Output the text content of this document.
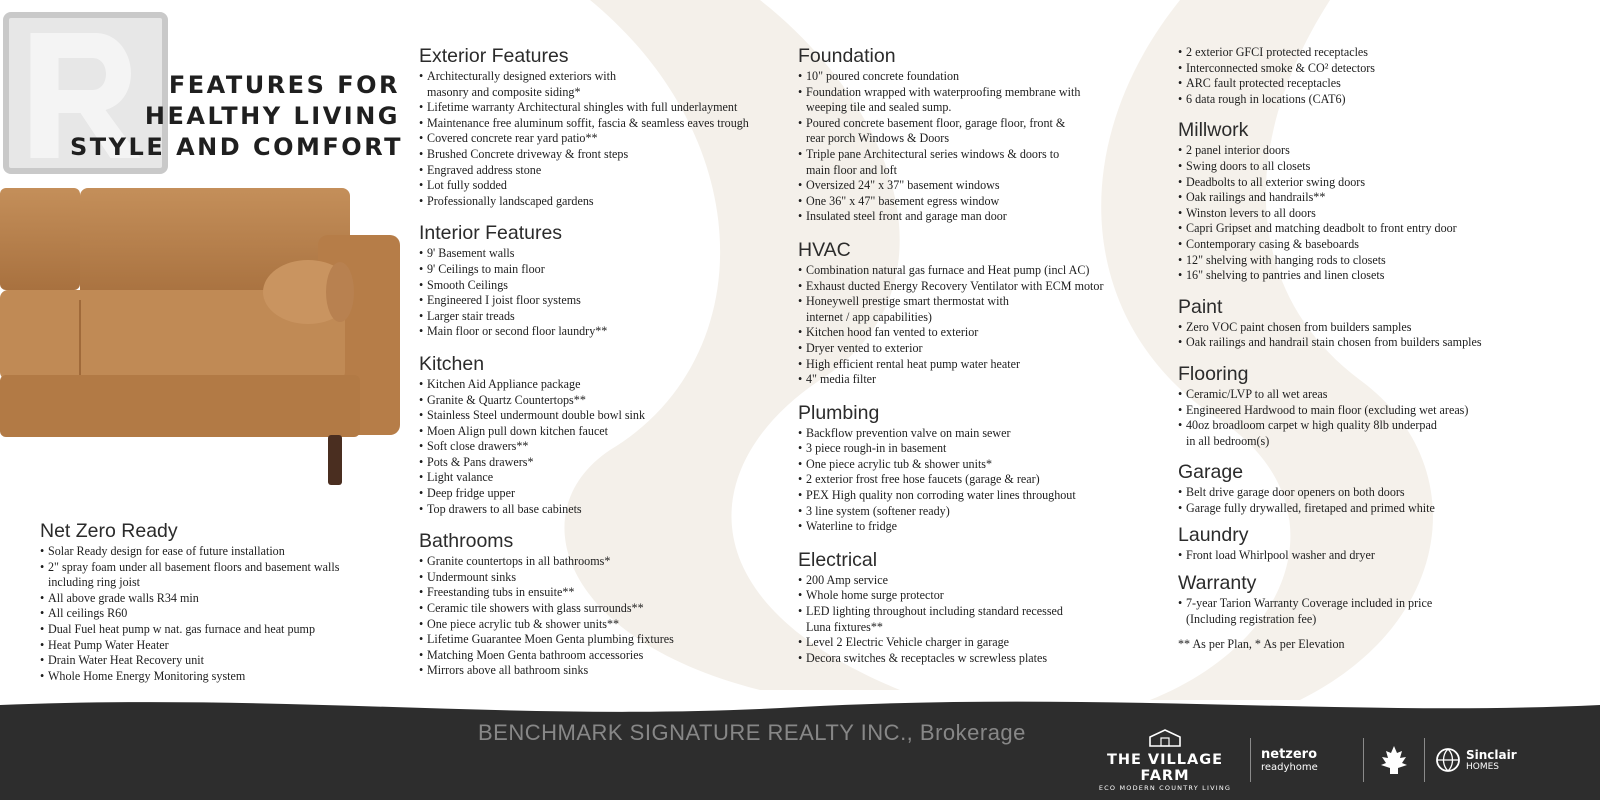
FEATURES FOR
HEALTHY LIVING
STYLE AND COMFORT
Net Zero Ready
• Solar Ready design for ease of future installation
• 2" spray foam under all basement floors and basement walls
including ring joist
• All above grade walls R34 min
• All ceilings R60
• Dual Fuel heat pump w nat. gas furnace and heat pump
• Heat Pump Water Heater
• Drain Water Heat Recovery unit
• Whole Home Energy Monitoring system
Exterior Features
• Architecturally designed exteriors with
masonry and composite siding*
• Lifetime warranty Architectural shingles with full underlayment
• Maintenance free aluminum soffit, fascia & seamless eaves trough
• Covered concrete rear yard patio**
• Brushed Concrete driveway & front steps
• Engraved address stone
• Lot fully sodded
• Professionally landscaped gardens
Interior Features
• 9' Basement walls
• 9' Ceilings to main floor
• Smooth Ceilings
• Engineered I joist floor systems
• Larger stair treads
• Main floor or second floor laundry**
Kitchen
• Kitchen Aid Appliance package
• Granite & Quartz Countertops**
• Stainless Steel undermount double bowl sink
• Moen Align pull down kitchen faucet
• Soft close drawers**
• Pots & Pans drawers*
• Light valance
• Deep fridge upper
• Top drawers to all base cabinets
Bathrooms
• Granite countertops in all bathrooms*
• Undermount sinks
• Freestanding tubs in ensuite**
• Ceramic tile showers with glass surrounds**
• One piece acrylic tub & shower units**
• Lifetime Guarantee Moen Genta plumbing fixtures
• Matching Moen Genta bathroom accessories
• Mirrors above all bathroom sinks
Foundation
• 10" poured concrete foundation
• Foundation wrapped with waterproofing membrane with
weeping tile and sealed sump.
• Poured concrete basement floor, garage floor, front &
rear porch Windows & Doors
• Triple pane Architectural series windows & doors to
main floor and loft
• Oversized 24" x 37" basement windows
• One 36" x 47" basement egress window
• Insulated steel front and garage man door
HVAC
• Combination natural gas furnace and Heat pump (incl AC)
• Exhaust ducted Energy Recovery Ventilator with ECM motor
• Honeywell prestige smart thermostat with
internet / app capabilities)
• Kitchen hood fan vented to exterior
• Dryer vented to exterior
• High efficient rental heat pump water heater
• 4" media filter
Plumbing
• Backflow prevention valve on main sewer
• 3 piece rough-in in basement
• One piece acrylic tub & shower units*
• 2 exterior frost free hose faucets (garage & rear)
• PEX High quality non corroding water lines throughout
• 3 line system (softener ready)
• Waterline to fridge
Electrical
• 200 Amp service
• Whole home surge protector
• LED lighting throughout including standard recessed
Luna fixtures**
• Level 2 Electric Vehicle charger in garage
• Decora switches & receptacles w screwless plates
• 2 exterior GFCI protected receptacles
• Interconnected smoke & CO² detectors
• ARC fault protected receptacles
• 6 data rough in locations (CAT6)
Millwork
• 2 panel interior doors
• Swing doors to all closets
• Deadbolts to all exterior swing doors
• Oak railings and handrails**
• Winston levers to all doors
• Capri Gripset and matching deadbolt to front entry door
• Contemporary casing & baseboards
• 12" shelving with hanging rods to closets
• 16" shelving to pantries and linen closets
Paint
• Zero VOC paint chosen from builders samples
• Oak railings and handrail stain chosen from builders samples
Flooring
• Ceramic/LVP to all wet areas
• Engineered Hardwood to main floor (excluding wet areas)
• 40oz broadloom carpet w high quality 8lb underpad
in all bedroom(s)
Garage
• Belt drive garage door openers on both doors
• Garage fully drywalled, firetaped and primed white
Laundry
• Front load Whirlpool washer and dryer
Warranty
• 7-year Tarion Warranty Coverage included in price
(Including registration fee)
** As per Plan, * As per Elevation
BENCHMARK SIGNATURE REALTY INC., Brokerage
THE VILLAGE FARM
ECO MODERN COUNTRY LIVING
netzero
readyhome
Sinclair
HOMES
